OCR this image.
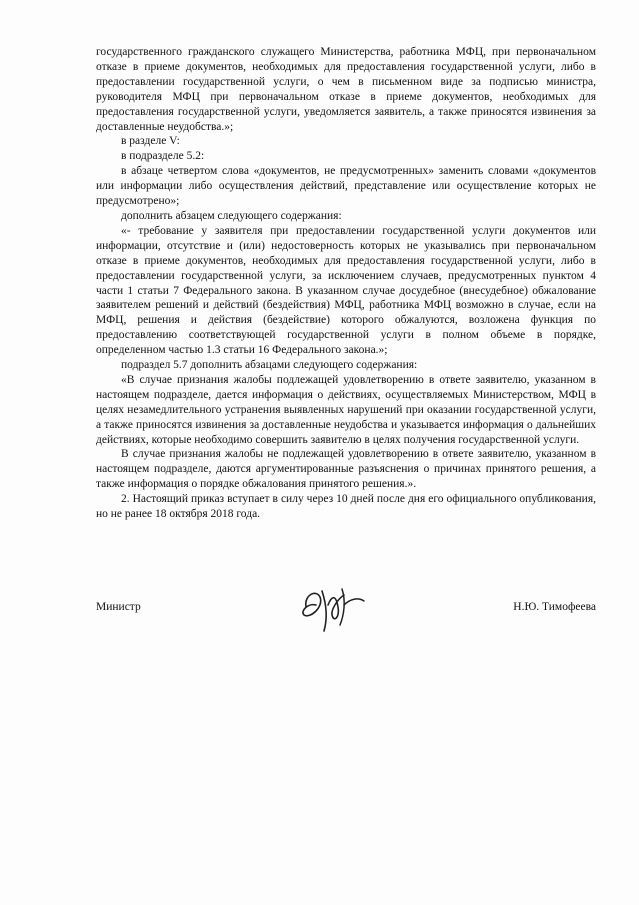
государственного гражданского служащего Министерства, работника МФЦ, при первоначальном отказе в приеме документов, необходимых для предоставления государственной услуги, либо в предоставлении государственной услуги, о чем в письменном виде за подписью министра, руководителя МФЦ при первоначальном отказе в приеме документов, необходимых для предоставления государственной услуги, уведомляется заявитель, а также приносятся извинения за доставленные неудобства.»;

в разделе V:

в подразделе 5.2:

в абзаце четвертом слова «документов, не предусмотренных» заменить словами «документов или информации либо осуществления действий, представление или осуществление которых не предусмотрено»;

дополнить абзацем следующего содержания:

«- требование у заявителя при предоставлении государственной услуги документов или информации, отсутствие и (или) недостоверность которых не указывались при первоначальном отказе в приеме документов, необходимых для предоставления государственной услуги, либо в предоставлении государственной услуги, за исключением случаев, предусмотренных пунктом 4 части 1 статьи 7 Федерального закона. В указанном случае досудебное (внесудебное) обжалование заявителем решений и действий (бездействия) МФЦ, работника МФЦ возможно в случае, если на МФЦ, решения и действия (бездействие) которого обжалуются, возложена функция по предоставлению соответствующей государственной услуги в полном объеме в порядке, определенном частью 1.3 статьи 16 Федерального закона.»;

подраздел 5.7 дополнить абзацами следующего содержания:

«В случае признания жалобы подлежащей удовлетворению в ответе заявителю, указанном в настоящем подразделе, дается информация о действиях, осуществляемых Министерством, МФЦ в целях незамедлительного устранения выявленных нарушений при оказании государственной услуги, а также приносятся извинения за доставленные неудобства и указывается информация о дальнейших действиях, которые необходимо совершить заявителю в целях получения государственной услуги.

В случае признания жалобы не подлежащей удовлетворению в ответе заявителю, указанном в настоящем подразделе, даются аргументированные разъяснения о причинах принятого решения, а также информация о порядке обжалования принятого решения.».

2. Настоящий приказ вступает в силу через 10 дней после дня его официального опубликования, но не ранее 18 октября 2018 года.

Министр	Н.Ю. Тимофеева
